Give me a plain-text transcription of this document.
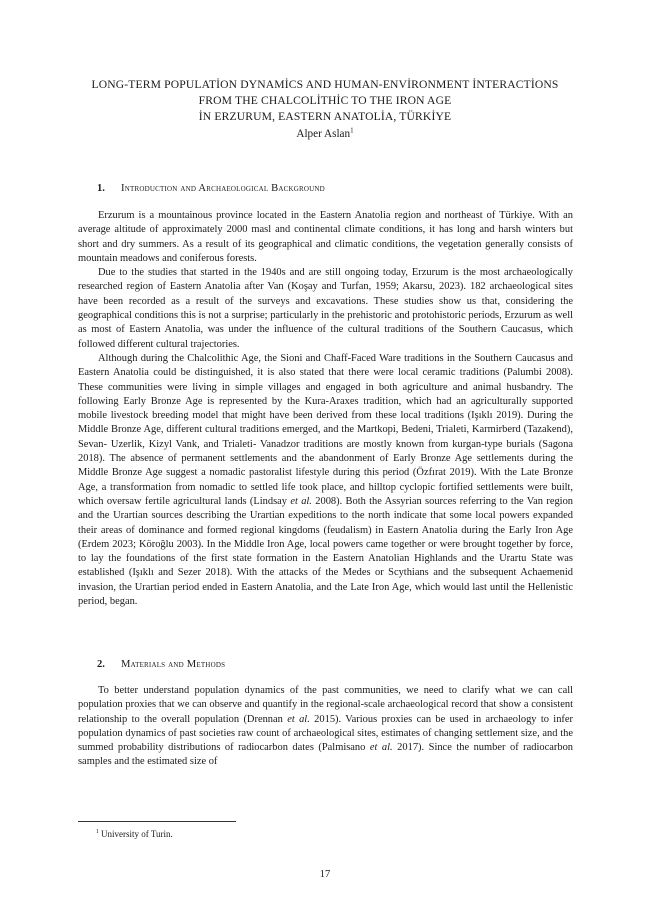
LONG-TERM POPULATİON DYNAMİCS AND HUMAN-ENVİRONMENT İNTERACTİONS
FROM THE CHALCOLİTHİC TO THE IRON AGE
İN ERZURUM, EASTERN ANATOLİA, TÜRKİYE
Alper Aslan$^1$
1. Introduction and Archaeological Background

Erzurum is a mountainous province located in the Eastern Anatolia region and northeast of Türkiye. With an average altitude of approximately 2000 masl and continental climate conditions, it has long and harsh winters but short and dry summers. As a result of its geographical and climatic conditions, the vegetation generally consists of mountain meadows and coniferous forests.

Due to the studies that started in the 1940s and are still ongoing today, Erzurum is the most archaeologically researched region of Eastern Anatolia after Van (Koşay and Turfan, 1959; Akarsu, 2023). 182 archaeological sites have been recorded as a result of the surveys and excavations. These studies show us that, considering the geographical conditions this is not a surprise; particularly in the prehistoric and protohistoric periods, Erzurum as well as most of Eastern Anatolia, was under the influence of the cultural traditions of the Southern Caucasus, which followed different cultural trajectories.

Although during the Chalcolithic Age, the Sioni and Chaff-Faced Ware traditions in the Southern Caucasus and Eastern Anatolia could be distinguished, it is also stated that there were local ceramic traditions (Palumbi 2008). These communities were living in simple villages and engaged in both agriculture and animal husbandry. The following Early Bronze Age is represented by the Kura-Araxes tradition, which had an agriculturally supported mobile livestock breeding model that might have been derived from these local traditions (Işıklı 2019). During the Middle Bronze Age, different cultural traditions emerged, and the Martkopi, Bedeni, Trialeti, Karmirberd (Tazakend), Sevan- Uzerlik, Kizyl Vank, and Trialeti- Vanadzor traditions are mostly known from kurgan-type burials (Sagona 2018). The absence of permanent settlements and the abandonment of Early Bronze Age settlements during the Middle Bronze Age suggest a nomadic pastoralist lifestyle during this period (Özfırat 2019). With the Late Bronze Age, a transformation from nomadic to settled life took place, and hilltop cyclopic fortified settlements were built, which oversaw fertile agricultural lands (Lindsay et al. 2008). Both the Assyrian sources referring to the Van region and the Urartian sources describing the Urartian expeditions to the north indicate that some local powers expanded their areas of dominance and formed regional kingdoms (feudalism) in Eastern Anatolia during the Early Iron Age (Erdem 2023; Köroğlu 2003). In the Middle Iron Age, local powers came together or were brought together by force, to lay the foundations of the first state formation in the Eastern Anatolian Highlands and the Urartu State was established (Işıklı and Sezer 2018). With the attacks of the Medes or Scythians and the subsequent Achaemenid invasion, the Urartian period ended in Eastern Anatolia, and the Late Iron Age, which would last until the Hellenistic period, began.

2. Materials and Methods

To better understand population dynamics of the past communities, we need to clarify what we can call population proxies that we can observe and quantify in the regional-scale archaeological record that show a consistent relationship to the overall population (Drennan et al. 2015). Various proxies can be used in archaeology to infer population dynamics of past societies raw count of archaeological sites, estimates of changing settlement size, and the summed probability distributions of radiocarbon dates (Palmisano et al. 2017). Since the number of radiocarbon samples and the estimated size of

$^1$ University of Turin.
17
